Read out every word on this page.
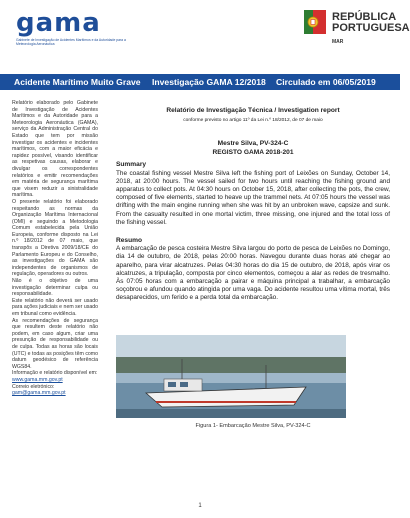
gama
Gabinete de Investigação de Acidentes Marítimos e da Autoridade para a Meteorologia Aeronáutica
REPÚBLICA
PORTUGUESA
MAR
Acidente Marítimo Muito Grave Investigação GAMA 12/2018 Circulado em 06/05/2019

Relatório elaborado pelo Gabinete de Investigação de Acidentes Marítimos e da Autoridade para a Meteorologia Aeronáutica (GAMA), serviço da Administração Central do Estado que tem por missão investigar os acidentes e incidentes marítimos, com a maior eficácia e rapidez possível, visando identificar as respetivas causas, elaborar e divulgar os correspondentes relatórios e emitir recomendações em matéria de segurança marítima que visem reduzir a sinistralidade marítima.

O presente relatório foi elaborado respeitando as normas da Organização Marítima Internacional (OMI) e seguindo a Metodologia Comum estabelecida pela União Europeia, conforme disposto na Lei n.º 18/2012 de 07 maio, que transpôs a Diretiva 2009/18/CE do Parlamento Europeu e do Conselho, as investigações do GAMA são independentes de organismos de regulação, operadores ou outros.

Não é o objetivo de uma investigação determinar culpa ou responsabilidade.

Este relatório não deverá ser usado para ações judiciais e nem ser usado em tribunal como evidência.

As recomendações de segurança que resultem deste relatório não podem, em caso algum, criar uma presunção de responsabilidade ou de culpa. Todas as horas são locais (UTC) e todas as posições têm como datum geodésico de referência WGS84.

Informação e relatório disponível em:

www.gama.mm.gov.pt

Correio eletrónico:

gam@gama.mm.gov.pt

Relatório de Investigação Técnica / Investigation report
conforme previsto no artigo 11º da Lei n.º 18/2012, de 07 de maio
Mestre Silva, PV-324-C
REGISTO GAMA 2018-201
Summary

The coastal fishing vessel Mestre Silva left the fishing port of Leixões on Sunday, October 14, 2018, at 20:00 hours. The vessel sailed for two hours until reaching the fishing ground and apparatus to collect pots. At 04:30 hours on October 15, 2018, after collecting the pots, the crew, composed of five elements, started to heave up the trammel nets. At 07:05 hours the vessel was drifting with the main engine running when she was hit by an unbroken wave, capsize and sunk. From the casualty resulted in one mortal victim, three missing, one injured and the total loss of the fishing vessel.

Resumo

A embarcação de pesca costeira Mestre Silva largou do porto de pesca de Leixões no Domingo, dia 14 de outubro, de 2018, pelas 20:00 horas. Navegou durante duas horas até chegar ao aparelho, para virar alcatruzes. Pelas 04:30 horas do dia 15 de outubro, de 2018, após virar os alcatruzes, a tripulação, composta por cinco elementos, começou a alar as redes de tresmalho. Às 07:05 horas com a embarcação a pairar e máquina principal a trabalhar, a embarcação soçobrou e afundou quando atingida por uma vaga. Do acidente resultou uma vítima mortal, três desaparecidos, um ferido e a perda total da embarcação.

Figura 1- Embarcação Mestre Silva, PV-324-C
1
